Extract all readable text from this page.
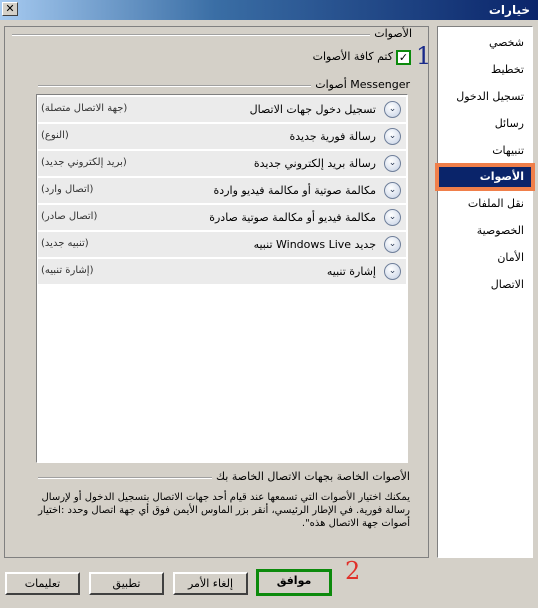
خيارات
✕
الأصوات
✓
كتم كافة الأصوات 1
أصوات Messenger
⌄
تسجيل دخول جهات الاتصال
(جهة الاتصال متصلة)
⌄
رسالة فورية جديدة
(النوع)
⌄
رسالة بريد إلكتروني جديدة
(بريد إلكتروني جديد)
⌄
مكالمة صوتية أو مكالمة فيديو واردة
(اتصال وارد)
⌄
مكالمة فيديو أو مكالمة صوتية صادرة
(اتصال صادر)
⌄
تنبيه Windows Live جديد
(تنبيه جديد)
⌄
إشارة تنبيه
(إشارة تنبيه)
الأصوات الخاصة بجهات الاتصال الخاصة بك
يمكنك اختيار الأصوات التي تسمعها عند قيام أحد جهات الاتصال بتسجيل الدخول أو لإرسال رسالة فورية. في الإطار الرئيسي، أنقر بزر الماوس الأيمن فوق أي جهة اتصال وحدد :اختيار أصوات جهة الاتصال هذه".
شخصي
تخطيط
تسجيل الدخول
رسائل
تنبيهات
الأصوات
نقل الملفات
الخصوصية
الأمان
الاتصال
موافق	2
إلغاء الأمر
تطبيق
تعليمات
